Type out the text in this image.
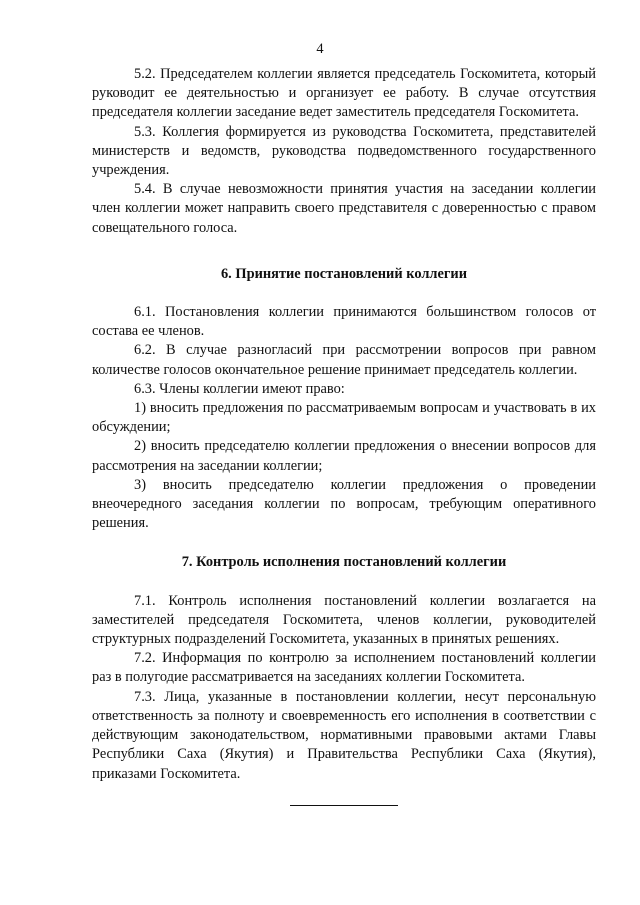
4

5.2. Председателем коллегии является председатель Госкомитета, который руководит ее деятельностью и организует ее работу. В случае отсутствия председателя коллегии заседание ведет заместитель председателя Госкомитета.

5.3. Коллегия формируется из руководства Госкомитета, представителей министерств и ведомств, руководства подведомственного государственного учреждения.

5.4. В случае невозможности принятия участия на заседании коллегии член коллегии может направить своего представителя с доверенностью с правом совещательного голоса.

6. Принятие постановлений коллегии

6.1. Постановления коллегии принимаются большинством голосов от состава ее членов.

6.2. В случае разногласий при рассмотрении вопросов при равном количестве голосов окончательное решение принимает председатель коллегии.

6.3. Члены коллегии имеют право:

1) вносить предложения по рассматриваемым вопросам и участвовать в их обсуждении;

2) вносить председателю коллегии предложения о внесении вопросов для рассмотрения на заседании коллегии;

3) вносить председателю коллегии предложения о проведении внеочередного заседания коллегии по вопросам, требующим оперативного решения.

7. Контроль исполнения постановлений коллегии

7.1. Контроль исполнения постановлений коллегии возлагается на заместителей председателя Госкомитета, членов коллегии, руководителей структурных подразделений Госкомитета, указанных в принятых решениях.

7.2. Информация по контролю за исполнением постановлений коллегии раз в полугодие рассматривается на заседаниях коллегии Госкомитета.

7.3. Лица, указанные в постановлении коллегии, несут персональную ответственность за полноту и своевременность его исполнения в соответствии с действующим законодательством, нормативными правовыми актами Главы Республики Саха (Якутия) и Правительства Республики Саха (Якутия), приказами Госкомитета.
